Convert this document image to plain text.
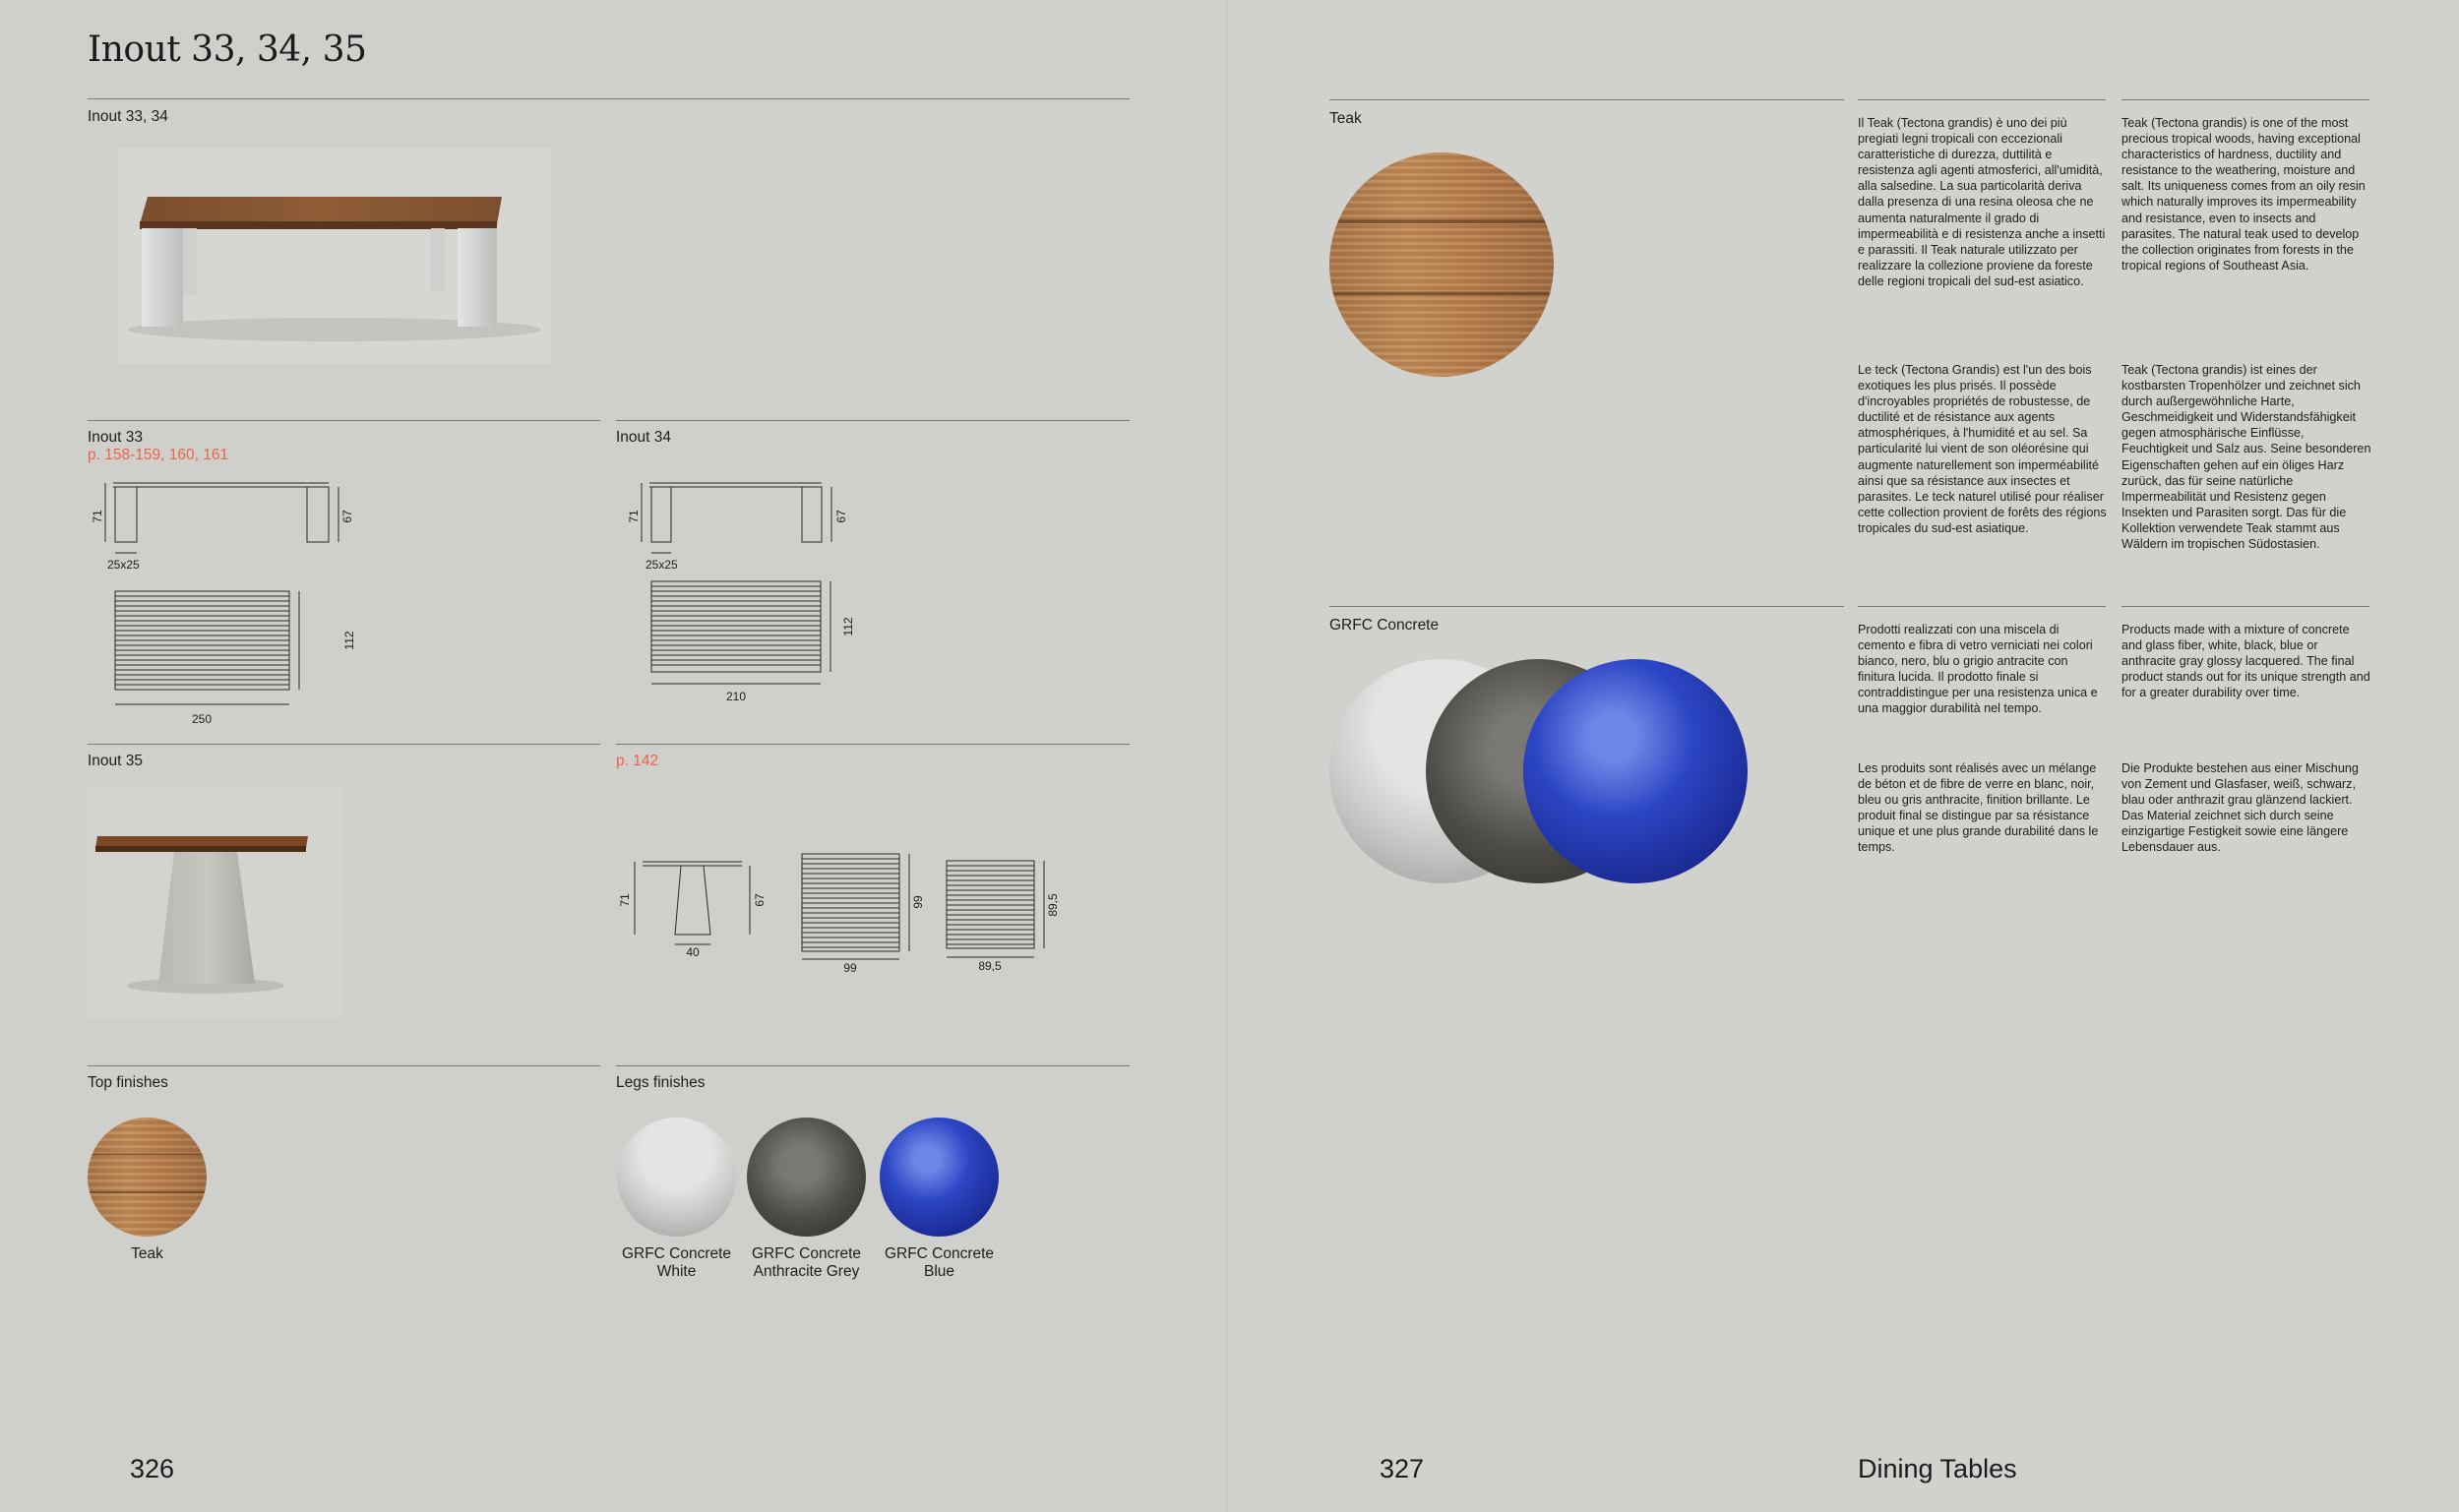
Inout 33, 34, 35
Inout 33, 34
Inout 33
p. 158-159, 160, 161
Inout 34
71	67
25x25
112
250
71	67
25x25
112
210
Inout 35	p. 142
71	67
40
99
99
89,5
89,5
Top finishes	Legs finishes
Teak	GRFC Concrete
White
GRFC Concrete
Anthracite Grey
GRFC Concrete
Blue
326
Teak	Il Teak (Tectona grandis) è uno dei più pregiati legni tropicali con eccezionali caratteristiche di durezza, duttilità e resistenza agli agenti atmosferici, all'umidità, alla salsedine. La sua particolarità deriva dalla presenza di una resina oleosa che ne aumenta naturalmente il grado di impermeabilità e di resistenza anche a insetti e parassiti. Il Teak naturale utilizzato per realizzare la collezione proviene da foreste delle regioni tropicali del sud-est asiatico.
Teak (Tectona grandis) is one of the most precious tropical woods, having exceptional characteristics of hardness, ductility and resistance to the weathering, moisture and salt. Its uniqueness comes from an oily resin which naturally improves its impermeability and resistance, even to insects and parasites. The natural teak used to develop the collection originates from forests in the tropical regions of Southeast Asia.
Le teck (Tectona Grandis) est l'un des bois exotiques les plus prisés. Il possède d'incroyables propriétés de robustesse, de ductilité et de résistance aux agents atmosphériques, à l'humidité et au sel. Sa particularité lui vient de son oléorésine qui augmente naturellement son imperméabilité ainsi que sa résistance aux insectes et parasites. Le teck naturel utilisé pour réaliser cette collection provient de forêts des régions tropicales du sud-est asiatique.
Teak (Tectona grandis) ist eines der kostbarsten Tropenhölzer und zeichnet sich durch außergewöhnliche Harte, Geschmeidigkeit und Widerstandsfähigkeit gegen atmosphärische Einflüsse, Feuchtigkeit und Salz aus. Seine besonderen Eigenschaften gehen auf ein öliges Harz zurück, das für seine natürliche Impermeabilität und Resistenz gegen Insekten und Parasiten sorgt. Das für die Kollektion verwendete Teak stammt aus Wäldern im tropischen Südostasien.
GRFC Concrete	Prodotti realizzati con una miscela di cemento e fibra di vetro verniciati nei colori bianco, nero, blu o grigio antracite con finitura lucida. Il prodotto finale si contraddistingue per una resistenza unica e una maggior durabilità nel tempo.
Products made with a mixture of concrete and glass fiber, white, black, blue or anthracite gray glossy lacquered. The final product stands out for its unique strength and for a greater durability over time.
Les produits sont réalisés avec un mélange de béton et de fibre de verre en blanc, noir, bleu ou gris anthracite, finition brillante. Le produit final se distingue par sa résistance unique et une plus grande durabilité dans le temps.
Die Produkte bestehen aus einer Mischung von Zement und Glasfaser, weiß, schwarz, blau oder anthrazit grau glänzend lackiert. Das Material zeichnet sich durch seine einzigartige Festigkeit sowie eine längere Lebensdauer aus.
327	Dining Tables
